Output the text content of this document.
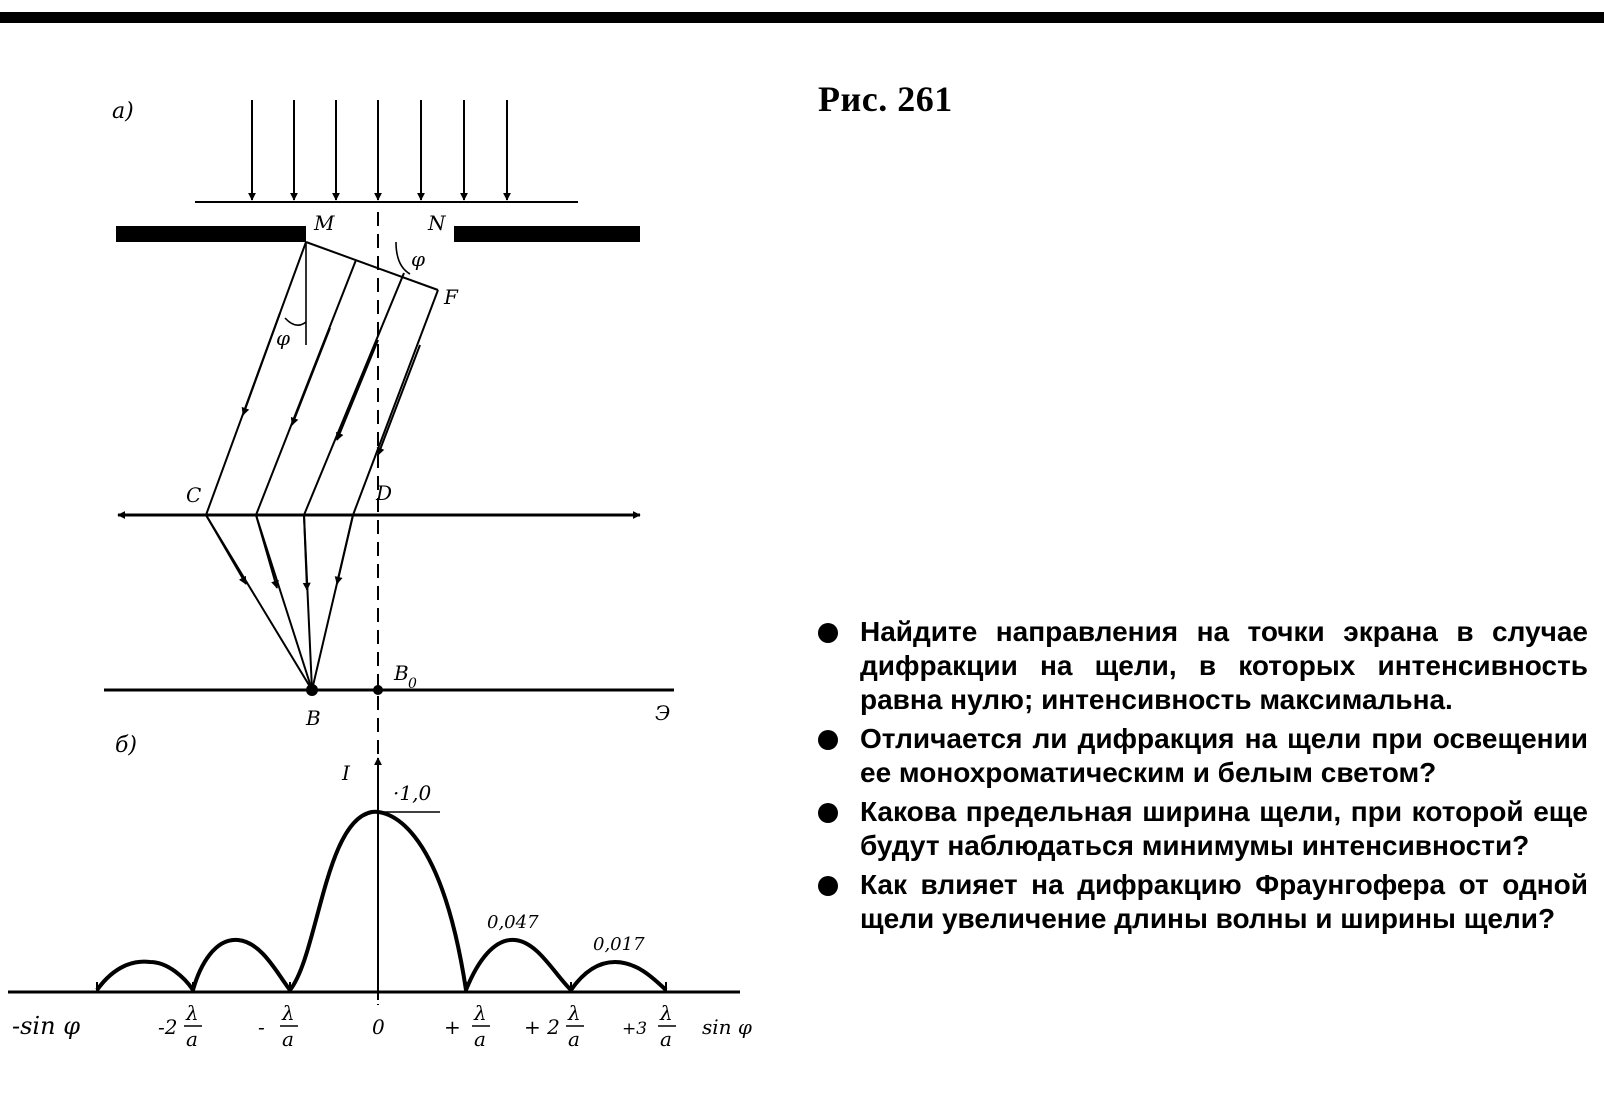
а)
M	N
F
φ
φ
C	D
B
B 0
Э
б)
I
·1,0
0,047
0,017
-sin φ	sin φ
-2
λ
a	-
λ
a	0	+
λ
a + 2
λ
a +3
λ
a
Рис. 261
Найдите направления на точки экрана в случае дифракции на щели, в которых интенсивность равна нулю; интенсивность максимальна.
Отличается ли дифракция на щели при освещении ее монохроматическим и белым светом?
Какова предельная ширина щели, при которой еще будут наблюдаться минимумы интенсивности?
Как влияет на дифракцию Фраунгофера от одной щели увеличение длины волны и ширины щели?
